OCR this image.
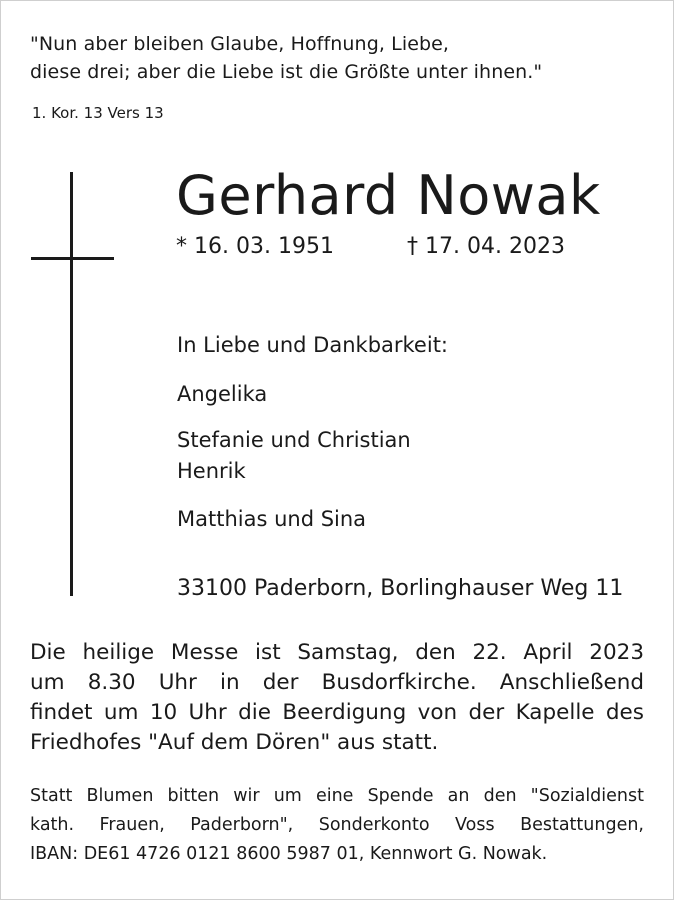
"Nun aber bleiben Glaube, Hoffnung, Liebe,
diese drei; aber die Liebe ist die Größte unter ihnen."
1. Kor. 13 Vers 13
Gerhard Nowak
* 16. 03. 1951	† 17. 04. 2023
In Liebe und Dankbarkeit:
Angelika
Stefanie und Christian
Henrik
Matthias und Sina
33100 Paderborn, Borlinghauser Weg 11
Die heilige Messe ist Samstag, den 22. April 2023
um 8.30 Uhr in der Busdorfkirche. Anschließend
findet um 10 Uhr die Beerdigung von der Kapelle des
Friedhofes "Auf dem Dören" aus statt.
Statt Blumen bitten wir um eine Spende an den "Sozialdienst
kath. Frauen, Paderborn", Sonderkonto Voss Bestattungen,
IBAN: DE61 4726 0121 8600 5987 01, Kennwort G. Nowak.
